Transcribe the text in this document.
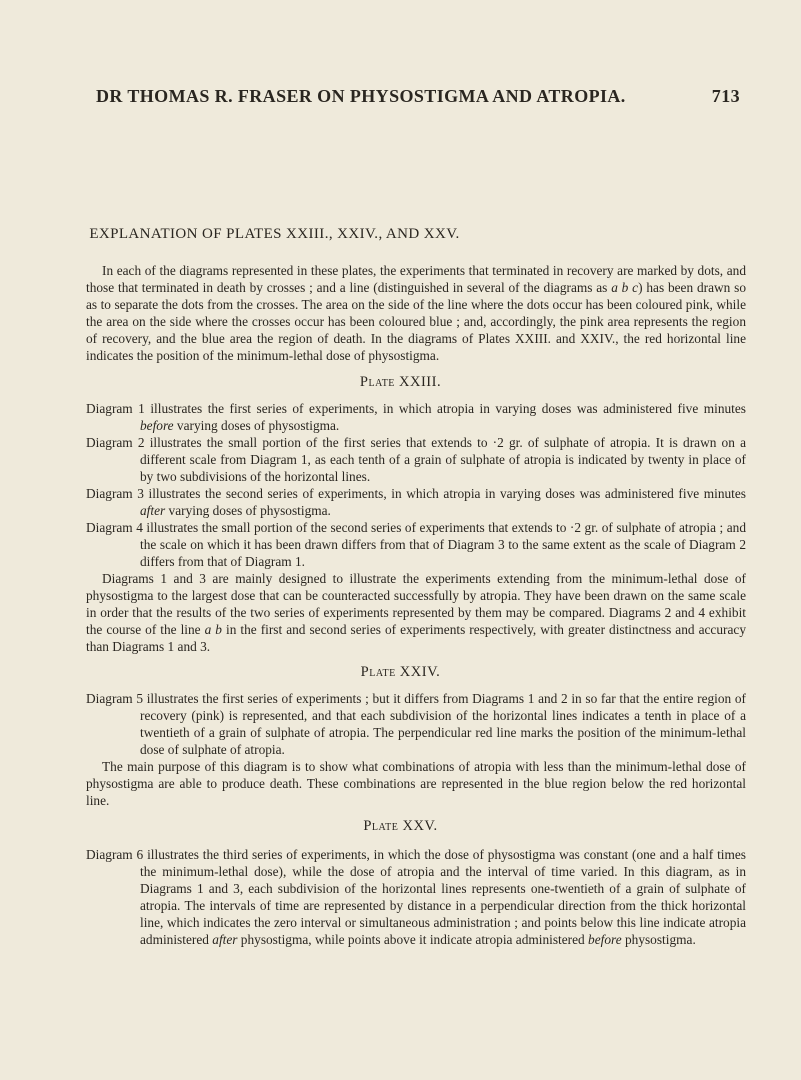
DR THOMAS R. FRASER ON PHYSOSTIGMA AND ATROPIA.	713
EXPLANATION OF PLATES XXIII., XXIV., AND XXV.

In each of the diagrams represented in these plates, the experiments that terminated in recovery are marked by dots, and those that terminated in death by crosses ; and a line (distinguished in several of the diagrams as a b c) has been drawn so as to separate the dots from the crosses. The area on the side of the line where the dots occur has been coloured pink, while the area on the side where the crosses occur has been coloured blue ; and, accordingly, the pink area represents the region of recovery, and the blue area the region of death. In the diagrams of Plates XXIII. and XXIV., the red horizontal line indicates the position of the minimum-lethal dose of physostigma.

Plate XXIII.

Diagram 1 illustrates the first series of experiments, in which atropia in varying doses was administered five minutes before varying doses of physostigma.

Diagram 2 illustrates the small portion of the first series that extends to ·2 gr. of sulphate of atropia. It is drawn on a different scale from Diagram 1, as each tenth of a grain of sulphate of atropia is indicated by twenty in place of by two subdivisions of the horizontal lines.

Diagram 3 illustrates the second series of experiments, in which atropia in varying doses was administered five minutes after varying doses of physostigma.

Diagram 4 illustrates the small portion of the second series of experiments that extends to ·2 gr. of sulphate of atropia ; and the scale on which it has been drawn differs from that of Diagram 3 to the same extent as the scale of Diagram 2 differs from that of Diagram 1.

Diagrams 1 and 3 are mainly designed to illustrate the experiments extending from the minimum-lethal dose of physostigma to the largest dose that can be counteracted successfully by atropia. They have been drawn on the same scale in order that the results of the two series of experiments represented by them may be compared. Diagrams 2 and 4 exhibit the course of the line a b in the first and second series of experiments respectively, with greater distinctness and accuracy than Diagrams 1 and 3.

Plate XXIV.

Diagram 5 illustrates the first series of experiments ; but it differs from Diagrams 1 and 2 in so far that the entire region of recovery (pink) is represented, and that each subdivision of the horizontal lines indicates a tenth in place of a twentieth of a grain of sulphate of atropia. The perpendicular red line marks the position of the minimum-lethal dose of sulphate of atropia.

The main purpose of this diagram is to show what combinations of atropia with less than the minimum-lethal dose of physostigma are able to produce death. These combinations are represented in the blue region below the red horizontal line.

Plate XXV.

Diagram 6 illustrates the third series of experiments, in which the dose of physostigma was constant (one and a half times the minimum-lethal dose), while the dose of atropia and the interval of time varied. In this diagram, as in Diagrams 1 and 3, each subdivision of the horizontal lines represents one-twentieth of a grain of sulphate of atropia. The intervals of time are represented by distance in a perpendicular direction from the thick horizontal line, which indicates the zero interval or simultaneous administration ; and points below this line indicate atropia administered after physostigma, while points above it indicate atropia administered before physostigma.
